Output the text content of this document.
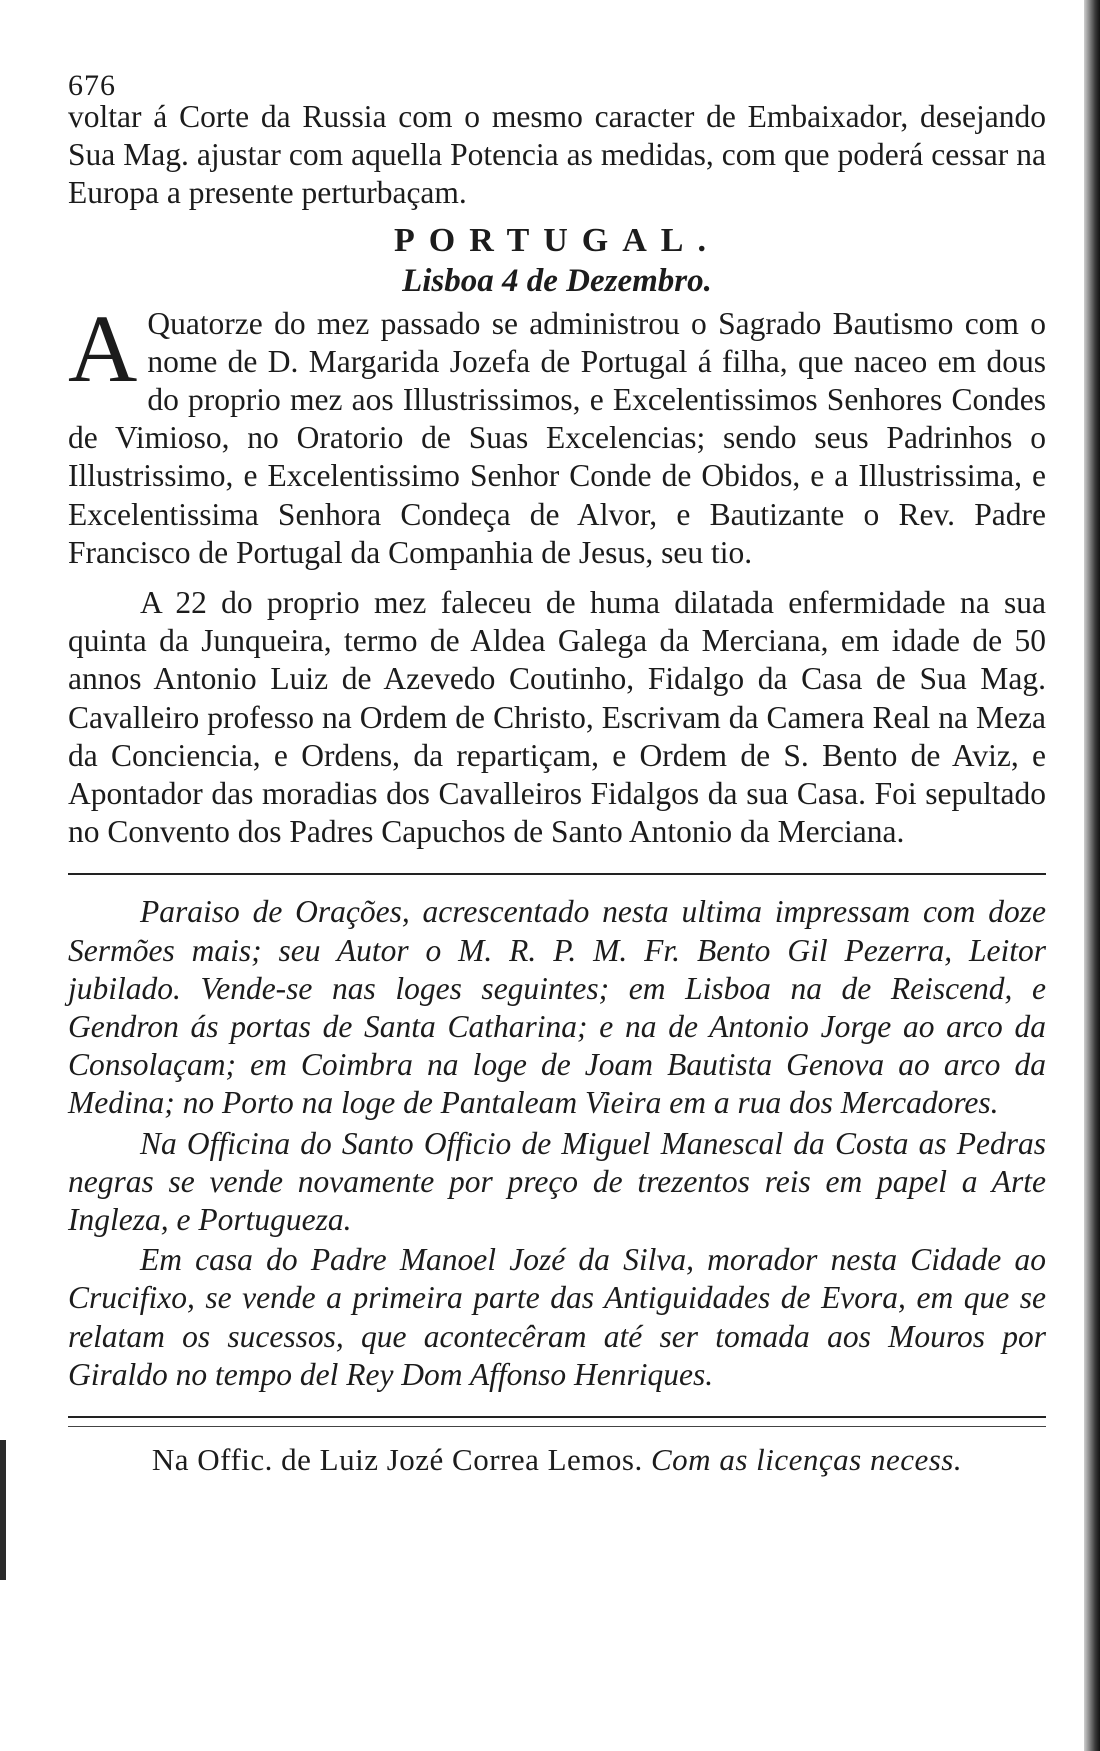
676

voltar á Corte da Russia com o mesmo caracter de Embaixador, desejando Sua Mag. ajustar com aquella Potencia as medidas, com que poderá cessar na Europa a presente perturbaçam.

PORTUGAL.
Lisboa 4 de Dezembro.

A Quatorze do mez passado se administrou o Sagrado Bautismo com o nome de D. Margarida Jozefa de Portugal á filha, que naceo em dous do proprio mez aos Illustrissimos, e Excelentissimos Senhores Condes de Vimioso, no Oratorio de Suas Excelencias; sendo seus Padrinhos o Illustrissimo, e Excelentissimo Senhor Conde de Obidos, e a Illustrissima, e Excelentissima Senhora Condeça de Alvor, e Bautizante o Rev. Padre Francisco de Portugal da Companhia de Jesus, seu tio.

A 22 do proprio mez faleceu de huma dilatada enfermidade na sua quinta da Junqueira, termo de Aldea Galega da Merciana, em idade de 50 annos Antonio Luiz de Azevedo Coutinho, Fidalgo da Casa de Sua Mag. Cavalleiro professo na Ordem de Christo, Escrivam da Camera Real na Meza da Conciencia, e Ordens, da repartiçam, e Ordem de S. Bento de Aviz, e Apontador das moradias dos Cavalleiros Fidalgos da sua Casa. Foi sepultado no Convento dos Padres Capuchos de Santo Antonio da Merciana.

Paraiso de Orações, acrescentado nesta ultima impressam com doze Sermões mais; seu Autor o M. R. P. M. Fr. Bento Gil Pezerra, Leitor jubilado. Vende-se nas loges seguintes; em Lisboa na de Reiscend, e Gendron ás portas de Santa Catharina; e na de Antonio Jorge ao arco da Consolaçam; em Coimbra na loge de Joam Bautista Genova ao arco da Medina; no Porto na loge de Pantaleam Vieira em a rua dos Mercadores.

Na Officina do Santo Officio de Miguel Manescal da Costa as Pedras negras se vende novamente por preço de trezentos reis em papel a Arte Ingleza, e Portugueza.

Em casa do Padre Manoel Jozé da Silva, morador nesta Cidade ao Crucifixo, se vende a primeira parte das Antiguidades de Evora, em que se relatam os sucessos, que acontecêram até ser tomada aos Mouros por Giraldo no tempo del Rey Dom Affonso Henriques.

Na Offic. de Luiz Jozé Correa Lemos. Com as licenças necess.
